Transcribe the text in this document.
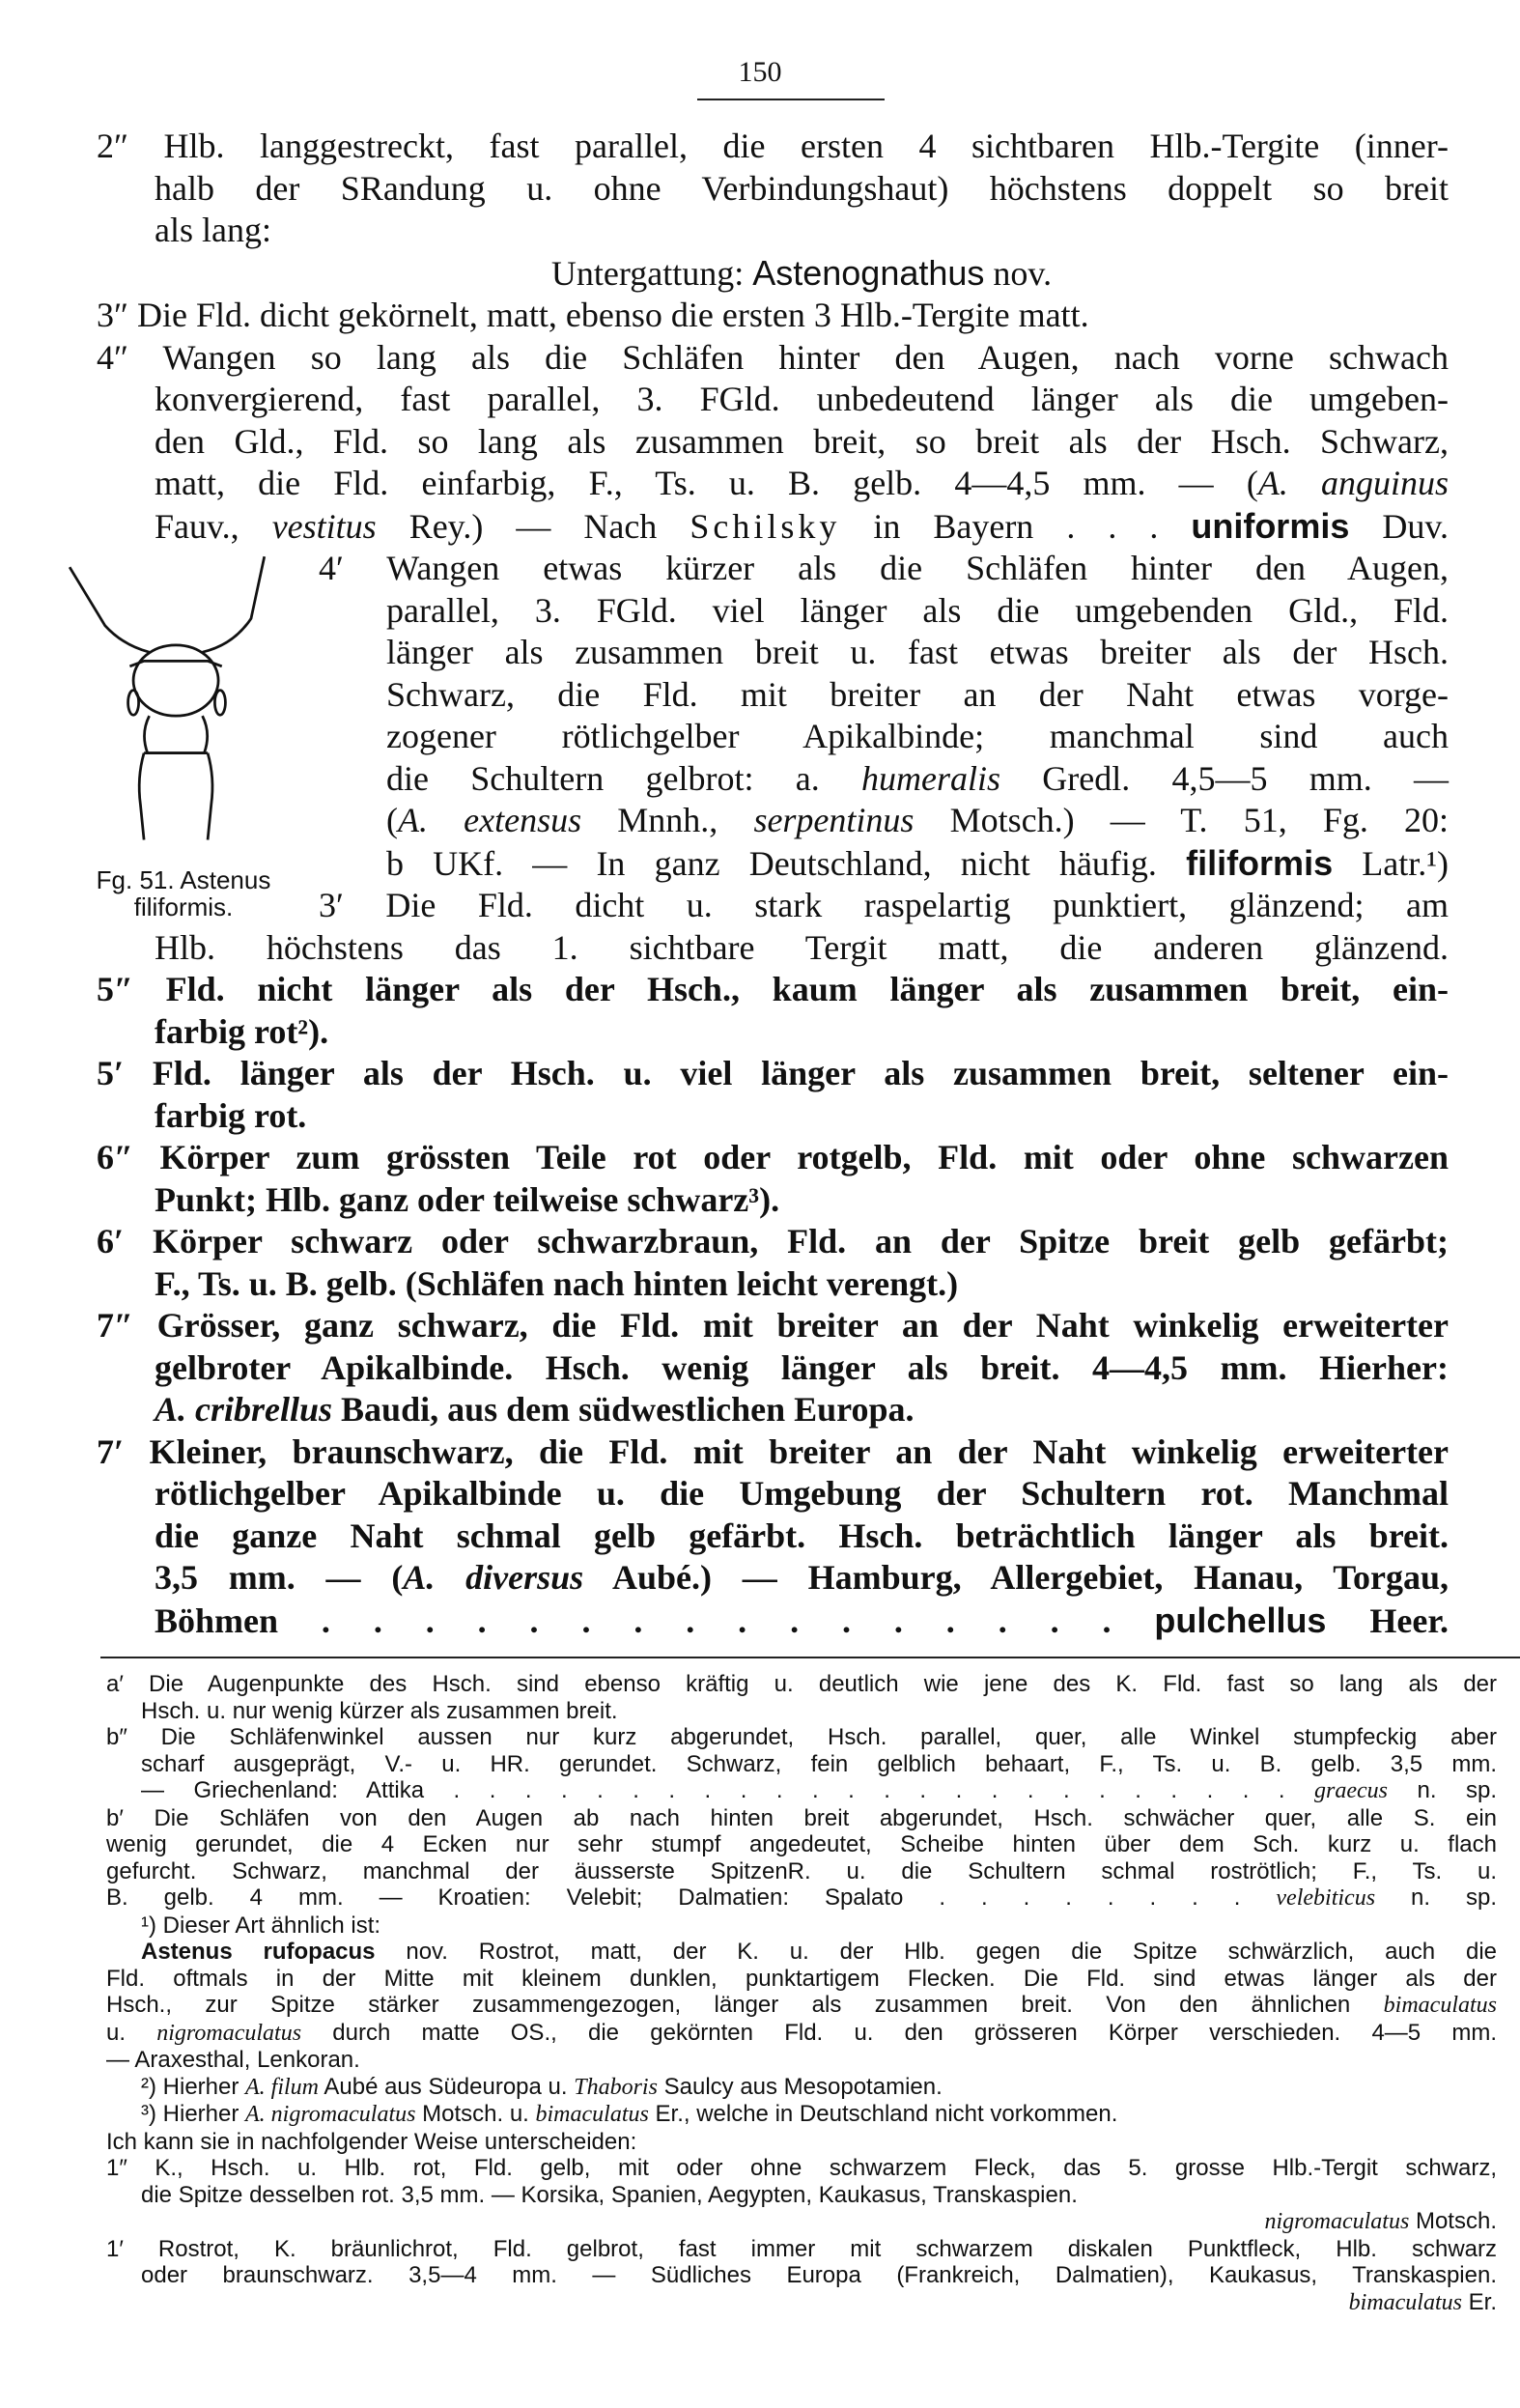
150
2″ Hlb. langgestreckt, fast parallel, die ersten 4 sichtbaren Hlb.-Tergite (inner-
halb der SRandung u. ohne Verbindungshaut) höchstens doppelt so breit
als lang:
Untergattung: Astenognathus nov.
3″ Die Fld. dicht gekörnelt, matt, ebenso die ersten 3 Hlb.-Tergite matt.
4″ Wangen so lang als die Schläfen hinter den Augen, nach vorne schwach
konvergierend, fast parallel, 3. FGld. unbedeutend länger als die umgeben-
den Gld., Fld. so lang als zusammen breit, so breit als der Hsch. Schwarz,
matt, die Fld. einfarbig, F., Ts. u. B. gelb. 4—4,5 mm. — (A. anguinus
Fauv., vestitus Rey.) — Nach Schilsky in Bayern . . . uniformis Duv.
Fg. 51. Astenus
filiformis.
4′ Wangen etwas kürzer als die Schläfen hinter den Augen,
parallel, 3. FGld. viel länger als die umgebenden Gld., Fld.
länger als zusammen breit u. fast etwas breiter als der Hsch.
Schwarz, die Fld. mit breiter an der Naht etwas vorge-
zogener rötlichgelber Apikalbinde; manchmal sind auch
die Schultern gelbrot: a. humeralis Gredl. 4,5—5 mm. —
(A. extensus Mnnh., serpentinus Motsch.) — T. 51, Fg. 20:
b UKf. — In ganz Deutschland, nicht häufig. filiformis Latr.¹)
3′ Die Fld. dicht u. stark raspelartig punktiert, glänzend; am
Hlb. höchstens das 1. sichtbare Tergit matt, die anderen glänzend.
5″ Fld. nicht länger als der Hsch., kaum länger als zusammen breit, ein-
farbig rot²).
5′ Fld. länger als der Hsch. u. viel länger als zusammen breit, seltener ein-
farbig rot.
6″ Körper zum grössten Teile rot oder rotgelb, Fld. mit oder ohne schwarzen
Punkt; Hlb. ganz oder teilweise schwarz³).
6′ Körper schwarz oder schwarzbraun, Fld. an der Spitze breit gelb gefärbt;
F., Ts. u. B. gelb. (Schläfen nach hinten leicht verengt.)
7″ Grösser, ganz schwarz, die Fld. mit breiter an der Naht winkelig erweiterter
gelbroter Apikalbinde. Hsch. wenig länger als breit. 4—4,5 mm. Hierher:
A. cribrellus Baudi, aus dem südwestlichen Europa.
7′ Kleiner, braunschwarz, die Fld. mit breiter an der Naht winkelig erweiterter
rötlichgelber Apikalbinde u. die Umgebung der Schultern rot. Manchmal
die ganze Naht schmal gelb gefärbt. Hsch. beträchtlich länger als breit.
3,5 mm. — (A. diversus Aubé.) — Hamburg, Allergebiet, Hanau, Torgau,
Böhmen . . . . . . . . . . . . . . . . pulchellus Heer.
a′ Die Augenpunkte des Hsch. sind ebenso kräftig u. deutlich wie jene des K. Fld. fast so lang als der
Hsch. u. nur wenig kürzer als zusammen breit.
b″ Die Schläfenwinkel aussen nur kurz abgerundet, Hsch. parallel, quer, alle Winkel stumpfeckig aber
scharf ausgeprägt, V.- u. HR. gerundet. Schwarz, fein gelblich behaart, F., Ts. u. B. gelb. 3,5 mm.
— Griechenland: Attika . . . . . . . . . . . . . . . . . . . . . . . . graecus n. sp.
b′ Die Schläfen von den Augen ab nach hinten breit abgerundet, Hsch. schwächer quer, alle S. ein
wenig gerundet, die 4 Ecken nur sehr stumpf angedeutet, Scheibe hinten über dem Sch. kurz u. flach
gefurcht. Schwarz, manchmal der äusserste SpitzenR. u. die Schultern schmal roströtlich; F., Ts. u.
B. gelb. 4 mm. — Kroatien: Velebit; Dalmatien: Spalato . . . . . . . . velebiticus n. sp.
¹) Dieser Art ähnlich ist:
Astenus rufopacus nov. Rostrot, matt, der K. u. der Hlb. gegen die Spitze schwärzlich, auch die
Fld. oftmals in der Mitte mit kleinem dunklen, punktartigem Flecken. Die Fld. sind etwas länger als der
Hsch., zur Spitze stärker zusammengezogen, länger als zusammen breit. Von den ähnlichen bimaculatus
u. nigromaculatus durch matte OS., die gekörnten Fld. u. den grösseren Körper verschieden. 4—5 mm.
— Araxesthal, Lenkoran.
²) Hierher A. filum Aubé aus Südeuropa u. Thaboris Saulcy aus Mesopotamien.
³) Hierher A. nigromaculatus Motsch. u. bimaculatus Er., welche in Deutschland nicht vorkommen.
Ich kann sie in nachfolgender Weise unterscheiden:
1″ K., Hsch. u. Hlb. rot, Fld. gelb, mit oder ohne schwarzem Fleck, das 5. grosse Hlb.-Tergit schwarz,
die Spitze desselben rot. 3,5 mm. — Korsika, Spanien, Aegypten, Kaukasus, Transkaspien.
nigromaculatus Motsch.
1′ Rostrot, K. bräunlichrot, Fld. gelbrot, fast immer mit schwarzem diskalen Punktfleck, Hlb. schwarz
oder braunschwarz. 3,5—4 mm. — Südliches Europa (Frankreich, Dalmatien), Kaukasus, Transkaspien.
bimaculatus Er.
